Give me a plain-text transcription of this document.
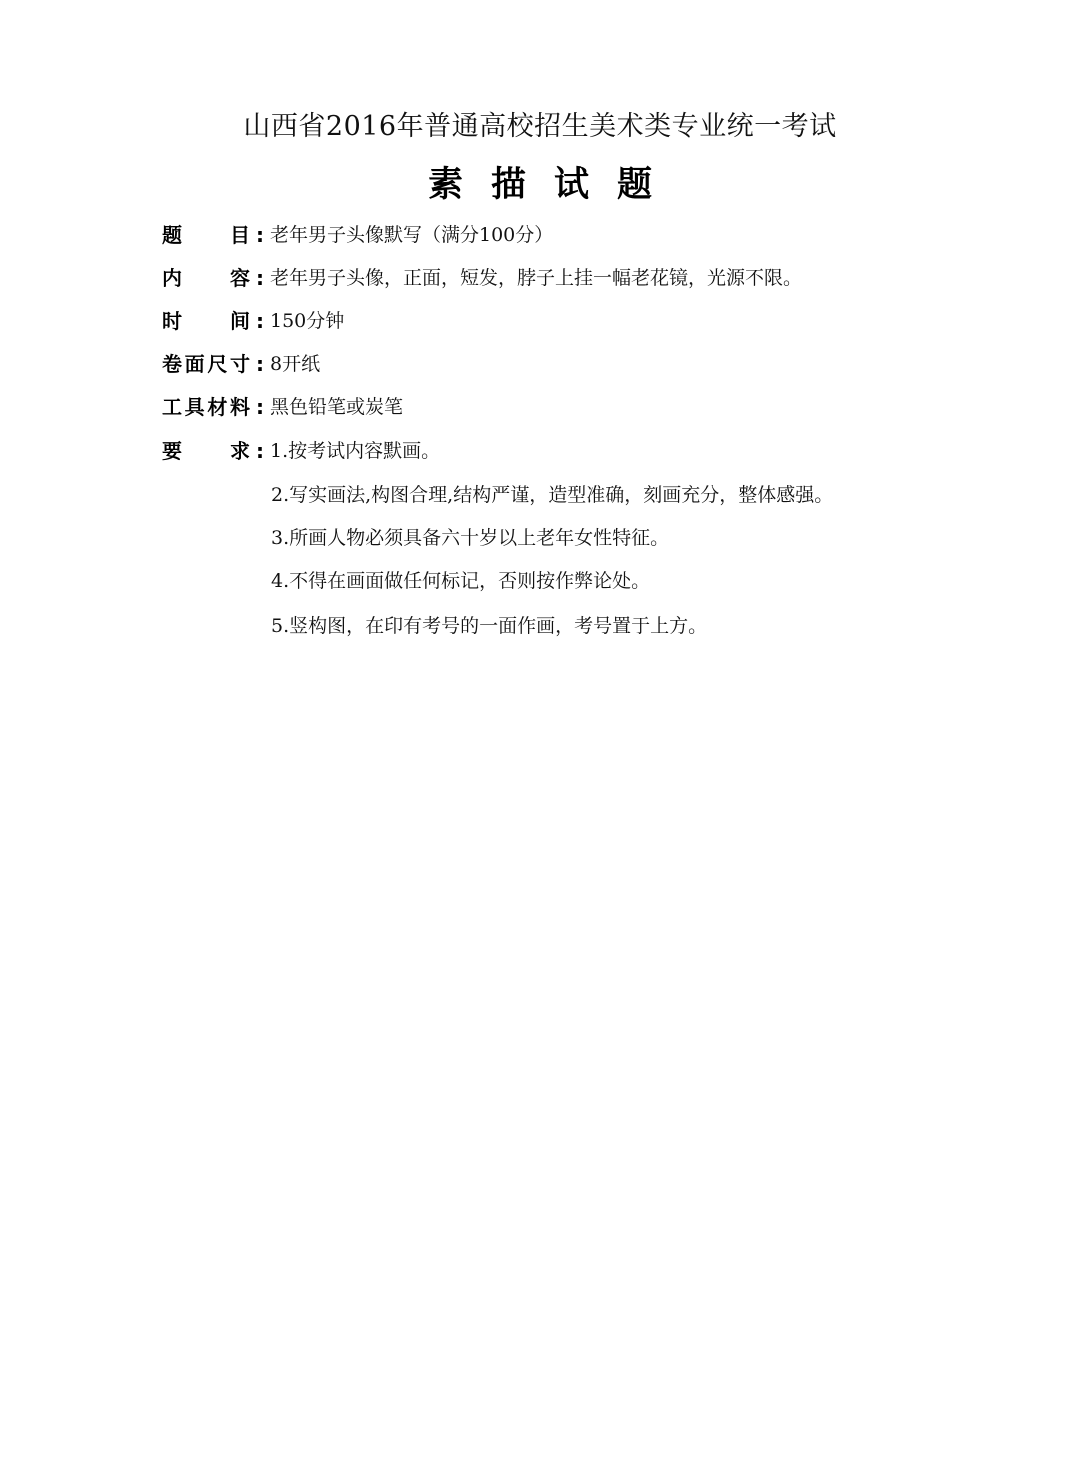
山西省2016年普通高校招生美术类专业统一考试
素描试题
题目 : 老年男子头像默写（满分100分）
内容 : 老年男子头像，正面，短发，脖子上挂一幅老花镜，光源不限。
时间 : 150分钟
卷面尺寸 : 8开纸
工具材料 : 黑色铅笔或炭笔
要求 : 1.按考试内容默画。
2.写实画法,构图合理,结构严谨，造型准确，刻画充分，整体感强。
3.所画人物必须具备六十岁以上老年女性特征。
4.不得在画面做任何标记，否则按作弊论处。
5.竖构图，在印有考号的一面作画，考号置于上方。
